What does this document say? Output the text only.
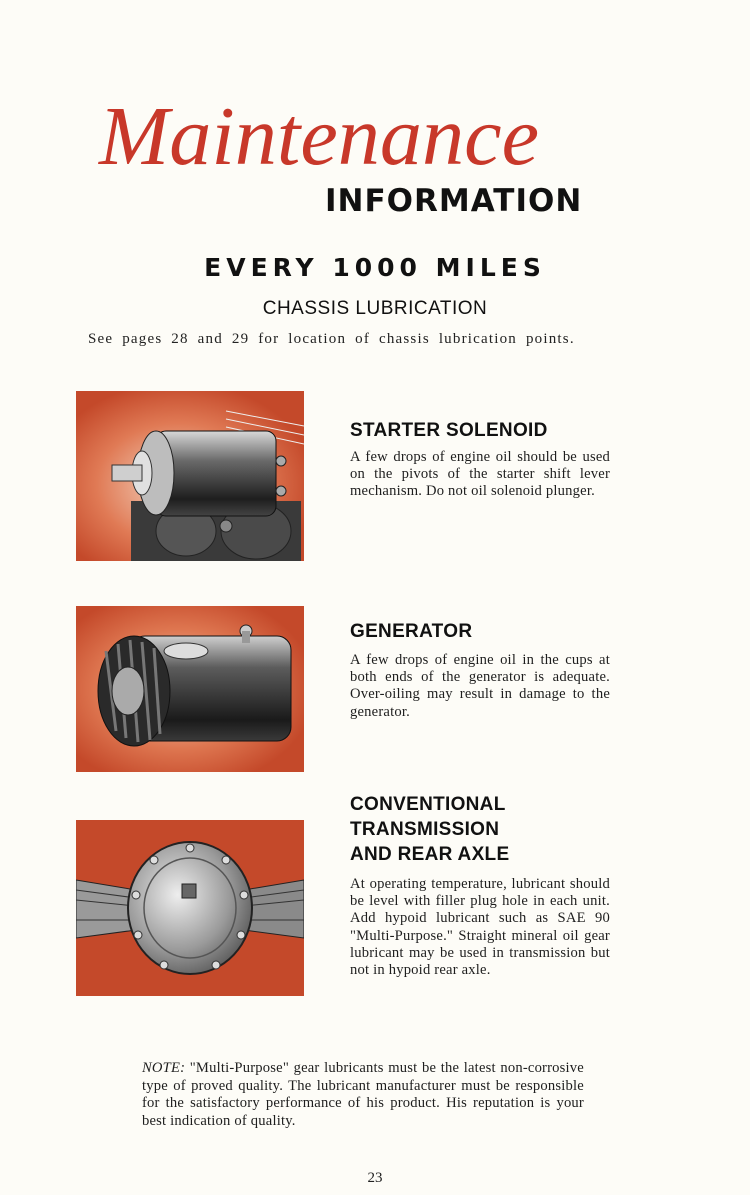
Maintenance
INFORMATION
EVERY 1000 MILES
CHASSIS LUBRICATION
See pages 28 and 29 for location of chassis lubrication points.
STARTER SOLENOID
A few drops of engine oil should be used on the pivots of the starter shift lever mechanism. Do not oil solenoid plunger.
GENERATOR
A few drops of engine oil in the cups at both ends of the generator is adequate. Over-oiling may result in damage to the generator.
CONVENTIONAL
TRANSMISSION
AND REAR AXLE
At operating temperature, lubricant should be level with filler plug hole in each unit. Add hypoid lubricant such as SAE 90 "Multi-Purpose." Straight mineral oil gear lubricant may be used in transmission but not in hypoid rear axle.
NOTE: "Multi-Purpose" gear lubricants must be the latest non-corrosive type of proved quality. The lubricant manufacturer must be responsible for the satisfactory performance of his product. His reputation is your best indication of quality.
23
